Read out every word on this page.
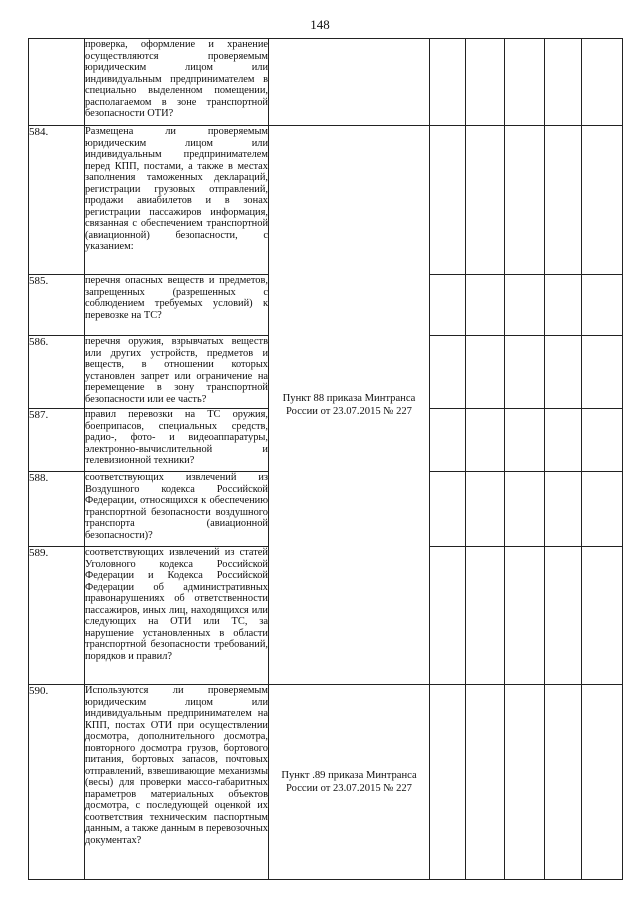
148
	проверка, оформление и хранение осуществляются проверяемым юридическим лицом или индивидуальным предпринимателем в специально выделенном помещении, располагаемом в зоне транспортной безопасности ОТИ?						
584.	Размещена ли проверяемым юридическим лицом или индивидуальным предпринимателем перед КПП, постами, а также в местах заполнения таможенных деклараций, регистрации грузовых отправлений, продажи авиабилетов и в зонах регистрации пассажиров информация, связанная с обеспечением транспортной (авиационной) безопасности, с указанием:	Пункт 88 приказа Минтранса России от 23.07.2015 № 227					
585.	перечня опасных веществ и предметов, запрещенных (разрешенных с соблюдением требуемых условий) к перевозке на ТС?						
586.	перечня оружия, взрывчатых веществ или других устройств, предметов и веществ, в отношении которых установлен запрет или ограничение на перемещение в зону транспортной безопасности или ее часть?						
587.	правил перевозки на ТС оружия, боеприпасов, специальных средств, радио-, фото- и видеоаппаратуры, электронно-вычислительной и телевизионной техники?						
588.	соответствующих извлечений из Воздушного кодекса Российской Федерации, относящихся к обеспечению транспортной безопасности воздушного транспорта (авиационной безопасности)?						
589.	соответствующих извлечений из статей Уголовного кодекса Российской Федерации и Кодекса Российской Федерации об административных правонарушениях об ответственности пассажиров, иных лиц, находящихся или следующих на ОТИ или ТС, за нарушение установленных в области транспортной безопасности требований, порядков и правил?						
590.	Используются ли проверяемым юридическим лицом или индивидуальным предпринимателем на КПП, постах ОТИ при осуществлении досмотра, дополнительного досмотра, повторного досмотра грузов, бортового питания, бортовых запасов, почтовых отправлений, взвешивающие механизмы (весы) для проверки массо-габаритных параметров материальных объектов досмотра, с последующей оценкой их соответствия техническим паспортным данным, а также данным в перевозочных документах?	Пункт .89 приказа Минтранса России от 23.07.2015 № 227					
